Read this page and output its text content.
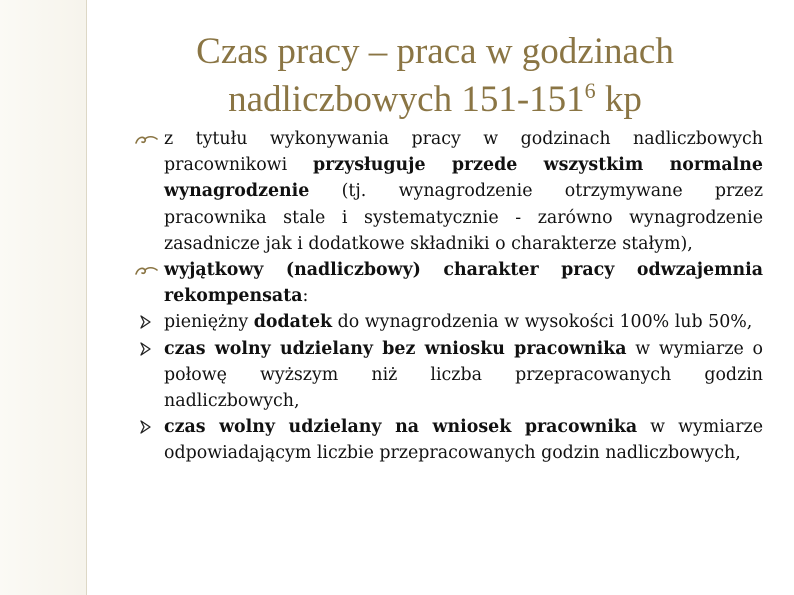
Czas pracy – praca w godzinach
nadliczbowych $151-151^6$ kp
z tytułu wykonywania pracy w godzinach nadliczbowych pracownikowi przysługuje przede wszystkim normalne wynagrodzenie (tj. wynagrodzenie otrzymywane przez pracownika stale i systematycznie - zarówno wynagrodzenie zasadnicze jak i dodatkowe składniki o charakterze stałym),
wyjątkowy (nadliczbowy) charakter pracy odwzajemnia rekompensata:
pieniężny dodatek do wynagrodzenia w wysokości 100% lub 50%,
czas wolny udzielany bez wniosku pracownika w wymiarze o połowę wyższym niż liczba przepracowanych godzin nadliczbowych,
czas wolny udzielany na wniosek pracownika w wymiarze odpowiadającym liczbie przepracowanych godzin nadliczbowych,
